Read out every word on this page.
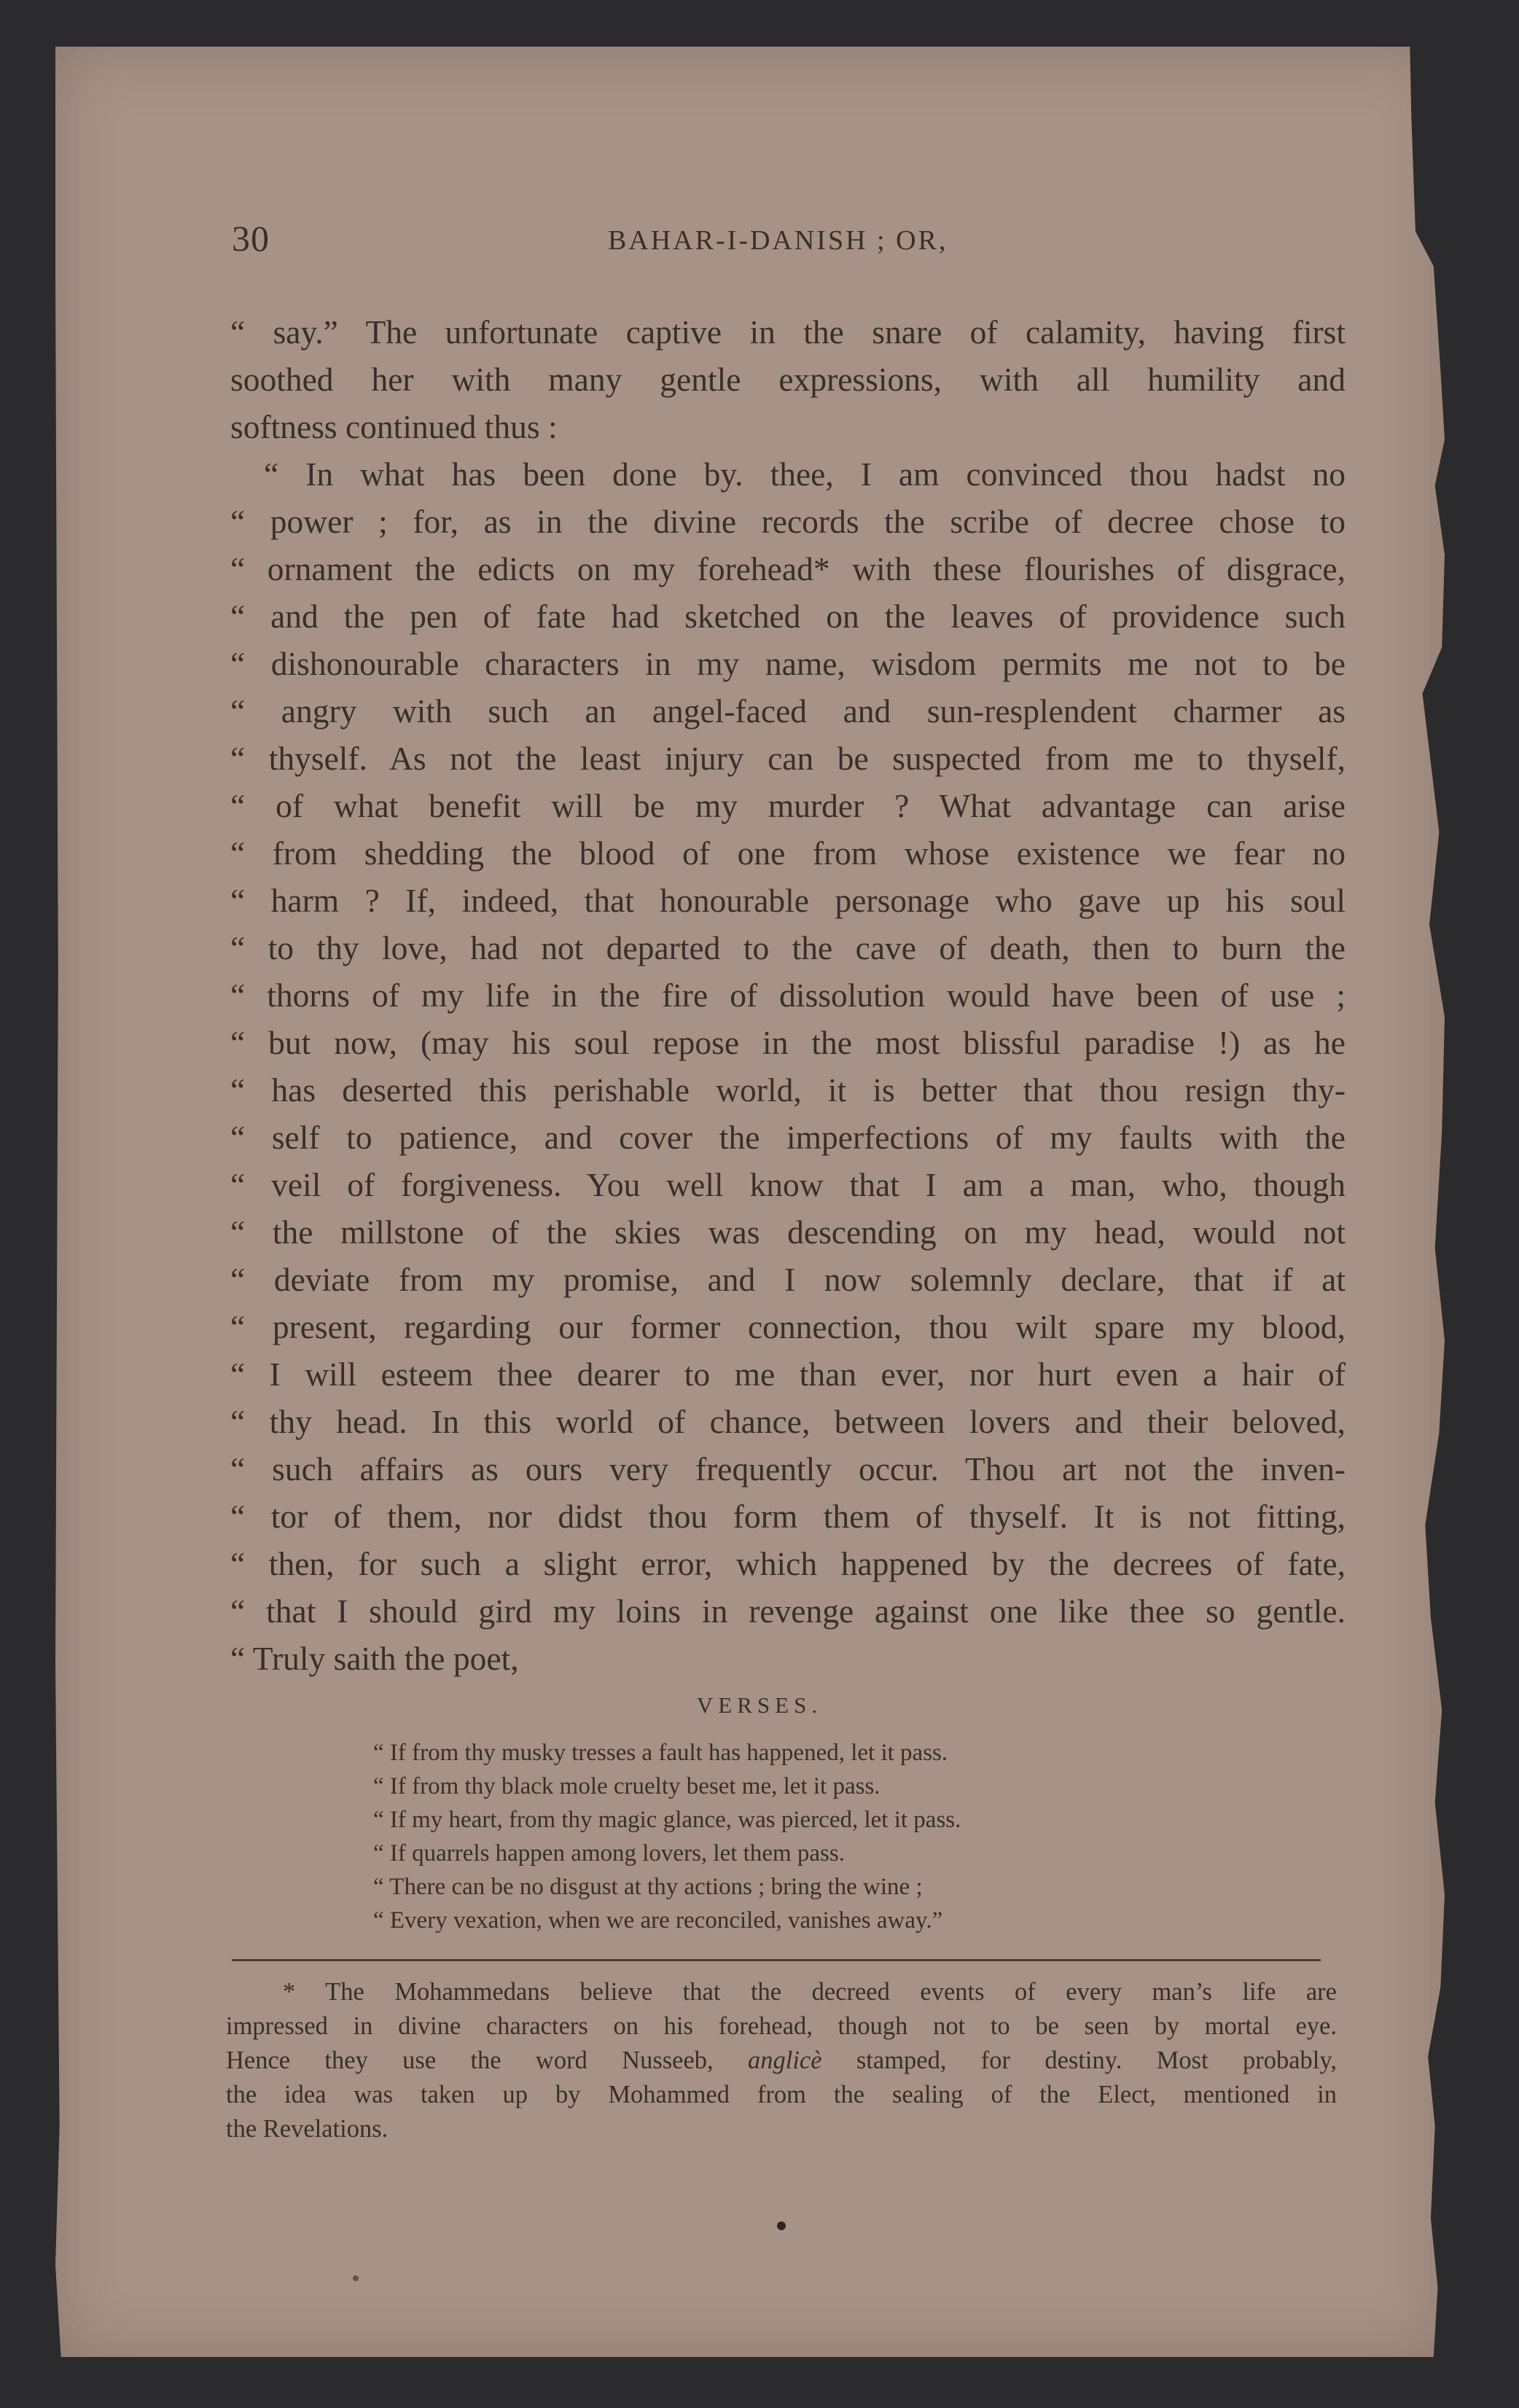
30	BAHAR-I-DANISH ; OR,
“ say.” The unfortunate captive in the snare of calamity, having first
soothed her with many gentle expressions, with all humility and
softness continued thus :
“ In what has been done by. thee, I am convinced thou hadst no
“ power ; for, as in the divine records the scribe of decree chose to
“ ornament the edicts on my forehead* with these flourishes of disgrace,
“ and the pen of fate had sketched on the leaves of providence such
“ dishonourable characters in my name, wisdom permits me not to be
“ angry with such an angel-faced and sun-resplendent charmer as
“ thyself. As not the least injury can be suspected from me to thyself,
“ of what benefit will be my murder ? What advantage can arise
“ from shedding the blood of one from whose existence we fear no
“ harm ? If, indeed, that honourable personage who gave up his soul
“ to thy love, had not departed to the cave of death, then to burn the
“ thorns of my life in the fire of dissolution would have been of use ;
“ but now, (may his soul repose in the most blissful paradise !) as he
“ has deserted this perishable world, it is better that thou resign thy-
“ self to patience, and cover the imperfections of my faults with the
“ veil of forgiveness. You well know that I am a man, who, though
“ the millstone of the skies was descending on my head, would not
“ deviate from my promise, and I now solemnly declare, that if at
“ present, regarding our former connection, thou wilt spare my blood,
“ I will esteem thee dearer to me than ever, nor hurt even a hair of
“ thy head. In this world of chance, between lovers and their beloved,
“ such affairs as ours very frequently occur. Thou art not the inven-
“ tor of them, nor didst thou form them of thyself. It is not fitting,
“ then, for such a slight error, which happened by the decrees of fate,
“ that I should gird my loins in revenge against one like thee so gentle.
“ Truly saith the poet,
VERSES.
“ If from thy musky tresses a fault has happened, let it pass.
“ If from thy black mole cruelty beset me, let it pass.
“ If my heart, from thy magic glance, was pierced, let it pass.
“ If quarrels happen among lovers, let them pass.
“ There can be no disgust at thy actions ; bring the wine ;
“ Every vexation, when we are reconciled, vanishes away.”
* The Mohammedans believe that the decreed events of every man’s life are
impressed in divine characters on his forehead, though not to be seen by mortal eye.
Hence they use the word Nusseeb, anglicè stamped, for destiny. Most probably,
the idea was taken up by Mohammed from the sealing of the Elect, mentioned in
the Revelations.
